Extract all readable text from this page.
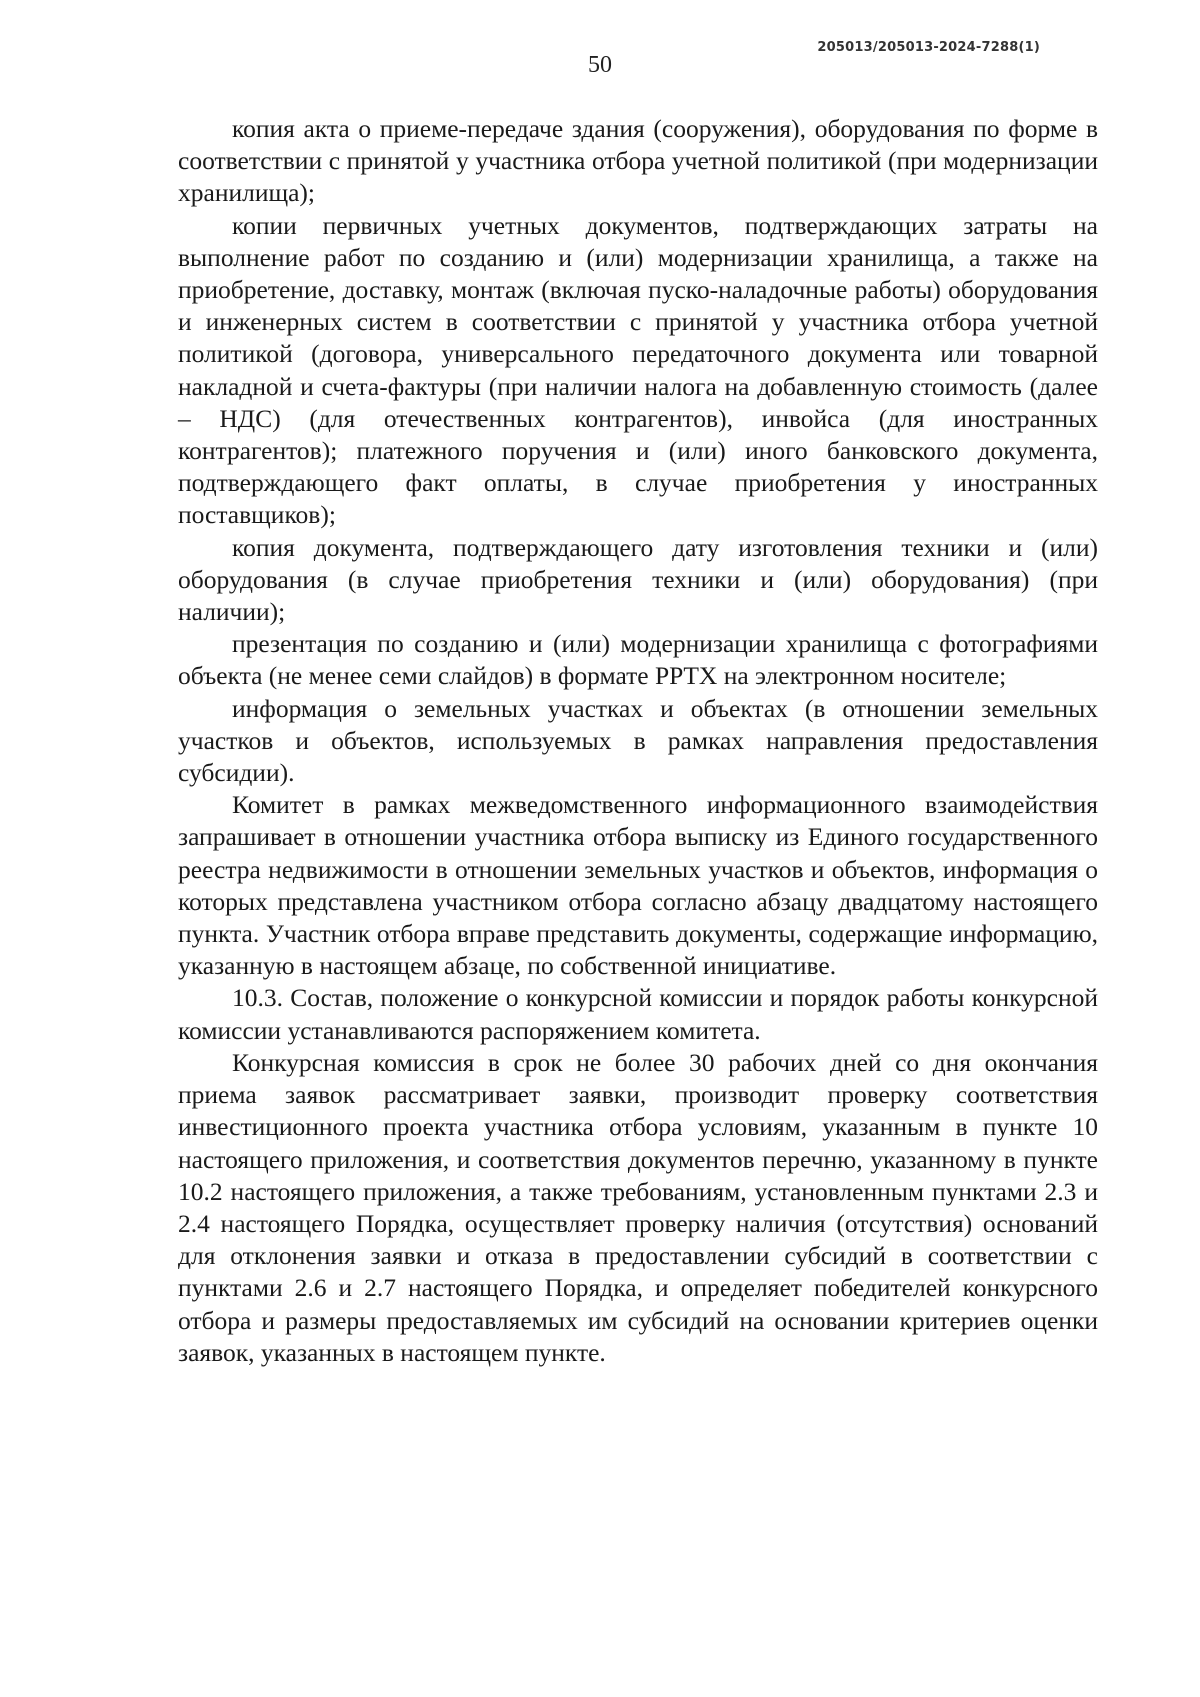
205013/205013-2024-7288(1)
50

копия акта о приеме-передаче здания (сооружения), оборудования по форме в соответствии с принятой у участника отбора учетной политикой (при модернизации хранилища);

копии первичных учетных документов, подтверждающих затраты на выполнение работ по созданию и (или) модернизации хранилища, а также на приобретение, доставку, монтаж (включая пуско-наладочные работы) оборудования и инженерных систем в соответствии с принятой у участника отбора учетной политикой (договора, универсального передаточного документа или товарной накладной и счета-фактуры (при наличии налога на добавленную стоимость (далее – НДС) (для отечественных контрагентов), инвойса (для иностранных контрагентов); платежного поручения и (или) иного банковского документа, подтверждающего факт оплаты, в случае приобретения у иностранных поставщиков);

копия документа, подтверждающего дату изготовления техники и (или) оборудования (в случае приобретения техники и (или) оборудования) (при наличии);

презентация по созданию и (или) модернизации хранилища с фотографиями объекта (не менее семи слайдов) в формате PPTX на электронном носителе;

информация о земельных участках и объектах (в отношении земельных участков и объектов, используемых в рамках направления предоставления субсидии).

Комитет в рамках межведомственного информационного взаимодействия запрашивает в отношении участника отбора выписку из Единого государственного реестра недвижимости в отношении земельных участков и объектов, информация о которых представлена участником отбора согласно абзацу двадцатому настоящего пункта. Участник отбора вправе представить документы, содержащие информацию, указанную в настоящем абзаце, по собственной инициативе.

10.3. Состав, положение о конкурсной комиссии и порядок работы конкурсной комиссии устанавливаются распоряжением комитета.

Конкурсная комиссия в срок не более 30 рабочих дней со дня окончания приема заявок рассматривает заявки, производит проверку соответствия инвестиционного проекта участника отбора условиям, указанным в пункте 10 настоящего приложения, и соответствия документов перечню, указанному в пункте 10.2 настоящего приложения, а также требованиям, установленным пунктами 2.3 и 2.4 настоящего Порядка, осуществляет проверку наличия (отсутствия) оснований для отклонения заявки и отказа в предоставлении субсидий в соответствии с пунктами 2.6 и 2.7 настоящего Порядка, и определяет победителей конкурсного отбора и размеры предоставляемых им субсидий на основании критериев оценки заявок, указанных в настоящем пункте.
